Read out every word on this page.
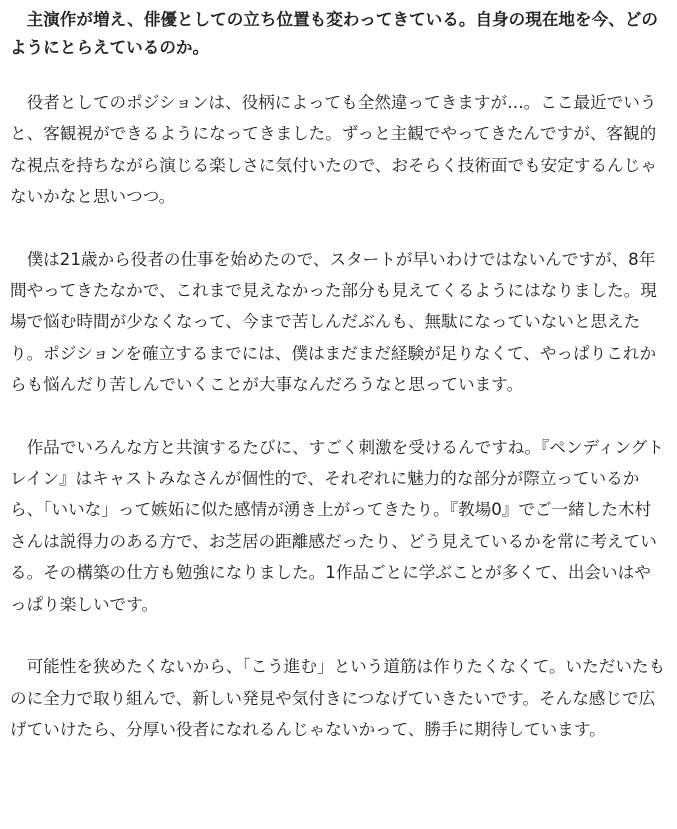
主演作が増え、俳優としての立ち位置も変わってきている。自身の現在地を今、どのようにとらえているのか。

役者としてのポジションは、役柄によっても全然違ってきますが…。ここ最近でいうと、客観視ができるようになってきました。ずっと主観でやってきたんですが、客観的な視点を持ちながら演じる楽しさに気付いたので、おそらく技術面でも安定するんじゃないかなと思いつつ。

僕は21歳から役者の仕事を始めたので、スタートが早いわけではないんですが、8年間やってきたなかで、これまで見えなかった部分も見えてくるようにはなりました。現場で悩む時間が少なくなって、今まで苦しんだぶんも、無駄になっていないと思えたり。ポジションを確立するまでには、僕はまだまだ経験が足りなくて、やっぱりこれからも悩んだり苦しんでいくことが大事なんだろうなと思っています。

作品でいろんな方と共演するたびに、すごく刺激を受けるんですね。『ペンディングトレイン』はキャストみなさんが個性的で、それぞれに魅力的な部分が際立っているから、「いいな」って嫉妬に似た感情が湧き上がってきたり。『教場0』でご一緒した木村さんは説得力のある方で、お芝居の距離感だったり、どう見えているかを常に考えている。その構築の仕方も勉強になりました。1作品ごとに学ぶことが多くて、出会いはやっぱり楽しいです。

可能性を狭めたくないから、「こう進む」という道筋は作りたくなくて。いただいたものに全力で取り組んで、新しい発見や気付きにつなげていきたいです。そんな感じで広げていけたら、分厚い役者になれるんじゃないかって、勝手に期待しています。
